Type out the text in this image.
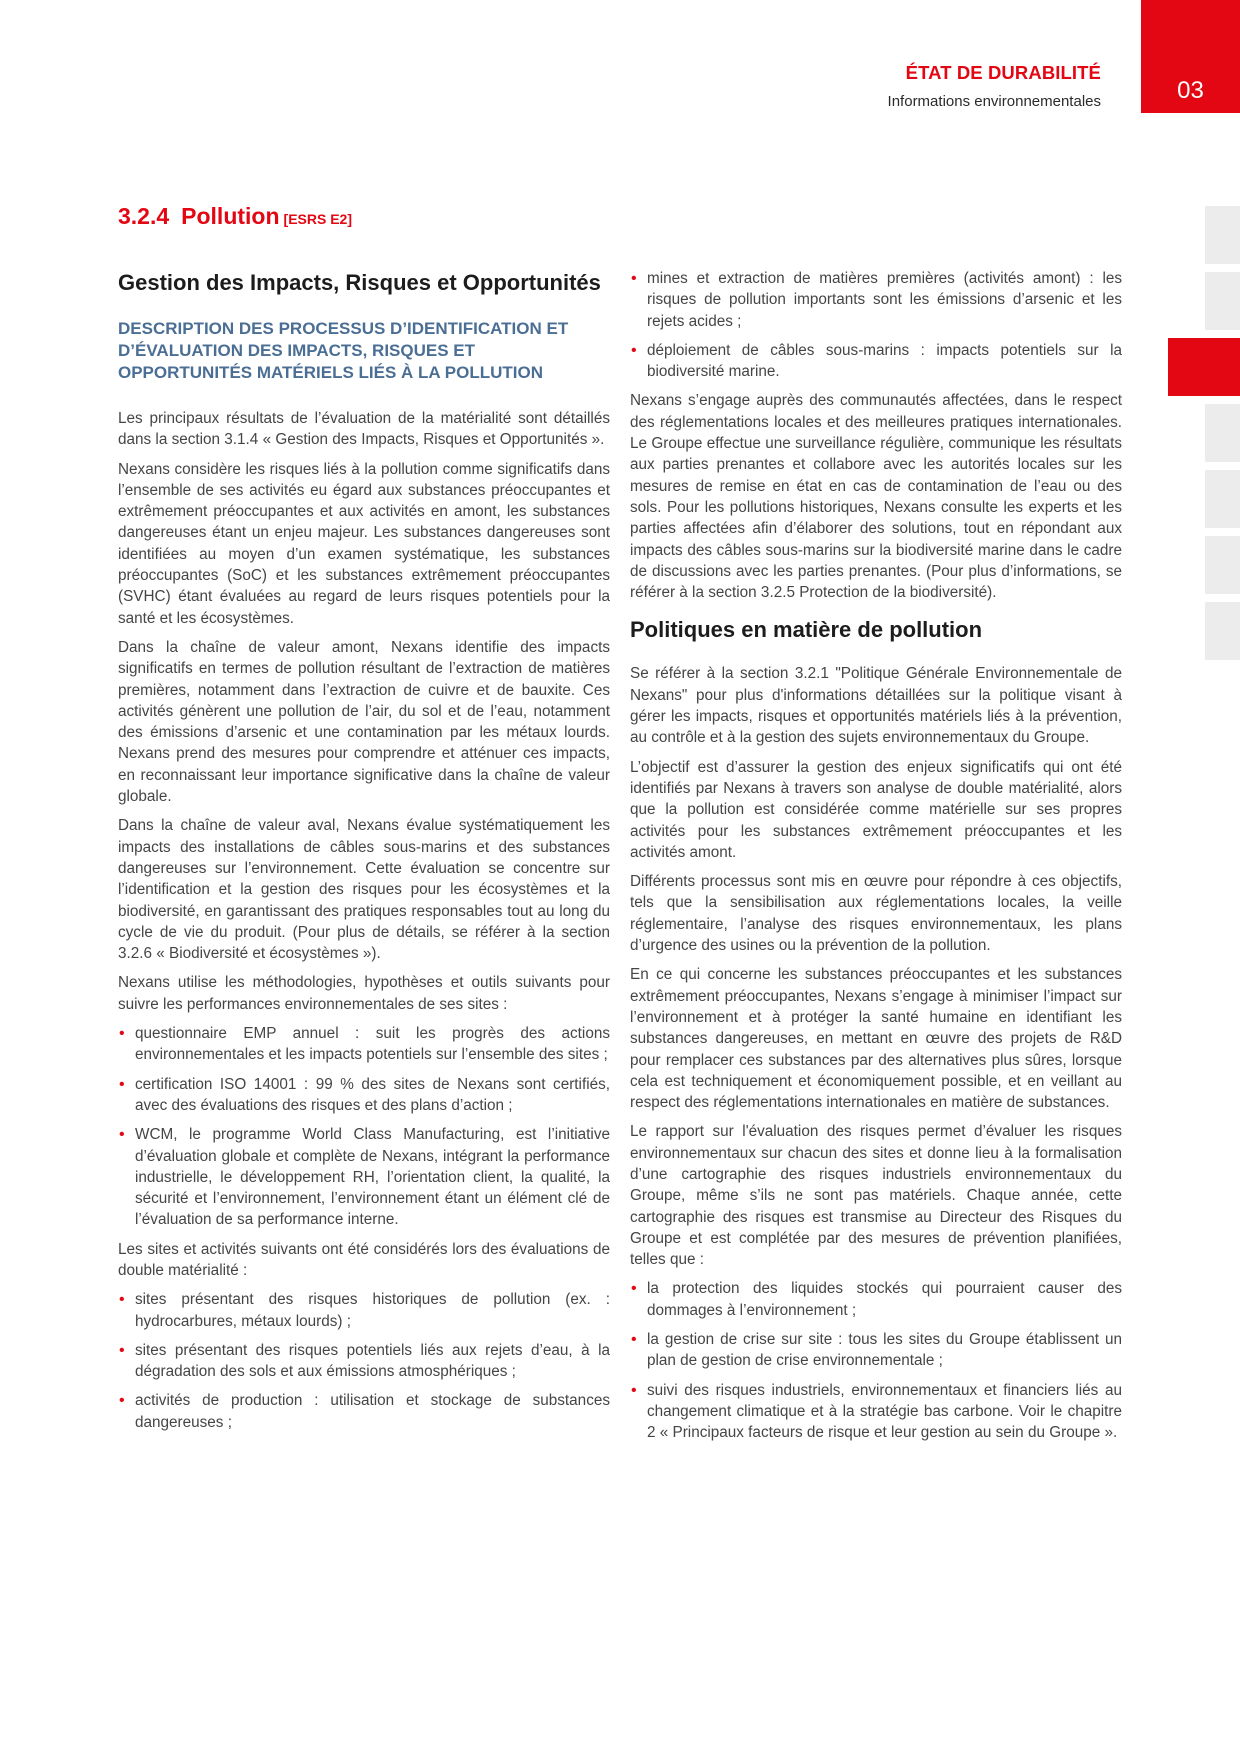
ÉTAT DE DURABILITÉ
Informations environnementales	03
3.2.4 Pollution [ESRS E2]
Gestion des Impacts, Risques et Opportunités
DESCRIPTION DES PROCESSUS D’IDENTIFICATION ET D’ÉVALUATION DES IMPACTS, RISQUES ET OPPORTUNITÉS MATÉRIELS LIÉS À LA POLLUTION

Les principaux résultats de l’évaluation de la matérialité sont détaillés dans la section 3.1.4 « Gestion des Impacts, Risques et Opportunités ».

Nexans considère les risques liés à la pollution comme significatifs dans l’ensemble de ses activités eu égard aux substances préoccupantes et extrêmement préoccupantes et aux activités en amont, les substances dangereuses étant un enjeu majeur. Les substances dangereuses sont identifiées au moyen d’un examen systématique, les substances préoccupantes (SoC) et les substances extrêmement préoccupantes (SVHC) étant évaluées au regard de leurs risques potentiels pour la santé et les écosystèmes.

Dans la chaîne de valeur amont, Nexans identifie des impacts significatifs en termes de pollution résultant de l’extraction de matières premières, notamment dans l’extraction de cuivre et de bauxite. Ces activités génèrent une pollution de l’air, du sol et de l’eau, notamment des émissions d’arsenic et une contamination par les métaux lourds. Nexans prend des mesures pour comprendre et atténuer ces impacts, en reconnaissant leur importance significative dans la chaîne de valeur globale.

Dans la chaîne de valeur aval, Nexans évalue systématiquement les impacts des installations de câbles sous-marins et des substances dangereuses sur l’environnement. Cette évaluation se concentre sur l’identification et la gestion des risques pour les écosystèmes et la biodiversité, en garantissant des pratiques responsables tout au long du cycle de vie du produit. (Pour plus de détails, se référer à la section 3.2.6 « Biodiversité et écosystèmes »).

Nexans utilise les méthodologies, hypothèses et outils suivants pour suivre les performances environnementales de ses sites :

• questionnaire EMP annuel : suit les progrès des actions environnementales et les impacts potentiels sur l’ensemble des sites ;
• certification ISO 14001 : 99 % des sites de Nexans sont certifiés, avec des évaluations des risques et des plans d’action ;
• WCM, le programme World Class Manufacturing, est l’initiative d’évaluation globale et complète de Nexans, intégrant la performance industrielle, le développement RH, l’orientation client, la qualité, la sécurité et l’environnement, l’environnement étant un élément clé de l’évaluation de sa performance interne.

Les sites et activités suivants ont été considérés lors des évaluations de double matérialité :

• sites présentant des risques historiques de pollution (ex. : hydrocarbures, métaux lourds) ;
• sites présentant des risques potentiels liés aux rejets d’eau, à la dégradation des sols et aux émissions atmosphériques ;
• activités de production : utilisation et stockage de substances dangereuses ;
• mines et extraction de matières premières (activités amont) : les risques de pollution importants sont les émissions d’arsenic et les rejets acides ;
• déploiement de câbles sous-marins : impacts potentiels sur la biodiversité marine.

Nexans s’engage auprès des communautés affectées, dans le respect des réglementations locales et des meilleures pratiques internationales. Le Groupe effectue une surveillance régulière, communique les résultats aux parties prenantes et collabore avec les autorités locales sur les mesures de remise en état en cas de contamination de l’eau ou des sols. Pour les pollutions historiques, Nexans consulte les experts et les parties affectées afin d’élaborer des solutions, tout en répondant aux impacts des câbles sous-marins sur la biodiversité marine dans le cadre de discussions avec les parties prenantes. (Pour plus d’informations, se référer à la section 3.2.5 Protection de la biodiversité).

Politiques en matière de pollution

Se référer à la section 3.2.1 "Politique Générale Environnementale de Nexans" pour plus d'informations détaillées sur la politique visant à gérer les impacts, risques et opportunités matériels liés à la prévention, au contrôle et à la gestion des sujets environnementaux du Groupe.

L’objectif est d’assurer la gestion des enjeux significatifs qui ont été identifiés par Nexans à travers son analyse de double matérialité, alors que la pollution est considérée comme matérielle sur ses propres activités pour les substances extrêmement préoccupantes et les activités amont.

Différents processus sont mis en œuvre pour répondre à ces objectifs, tels que la sensibilisation aux réglementations locales, la veille réglementaire, l’analyse des risques environnementaux, les plans d’urgence des usines ou la prévention de la pollution.

En ce qui concerne les substances préoccupantes et les substances extrêmement préoccupantes, Nexans s’engage à minimiser l’impact sur l’environnement et à protéger la santé humaine en identifiant les substances dangereuses, en mettant en œuvre des projets de R&D pour remplacer ces substances par des alternatives plus sûres, lorsque cela est techniquement et économiquement possible, et en veillant au respect des réglementations internationales en matière de substances.

Le rapport sur l'évaluation des risques permet d’évaluer les risques environnementaux sur chacun des sites et donne lieu à la formalisation d’une cartographie des risques industriels environnementaux du Groupe, même s’ils ne sont pas matériels. Chaque année, cette cartographie des risques est transmise au Directeur des Risques du Groupe et est complétée par des mesures de prévention planifiées, telles que :

• la protection des liquides stockés qui pourraient causer des dommages à l’environnement ;
• la gestion de crise sur site : tous les sites du Groupe établissent un plan de gestion de crise environnementale ;
• suivi des risques industriels, environnementaux et financiers liés au changement climatique et à la stratégie bas carbone. Voir le chapitre 2 « Principaux facteurs de risque et leur gestion au sein du Groupe ».
